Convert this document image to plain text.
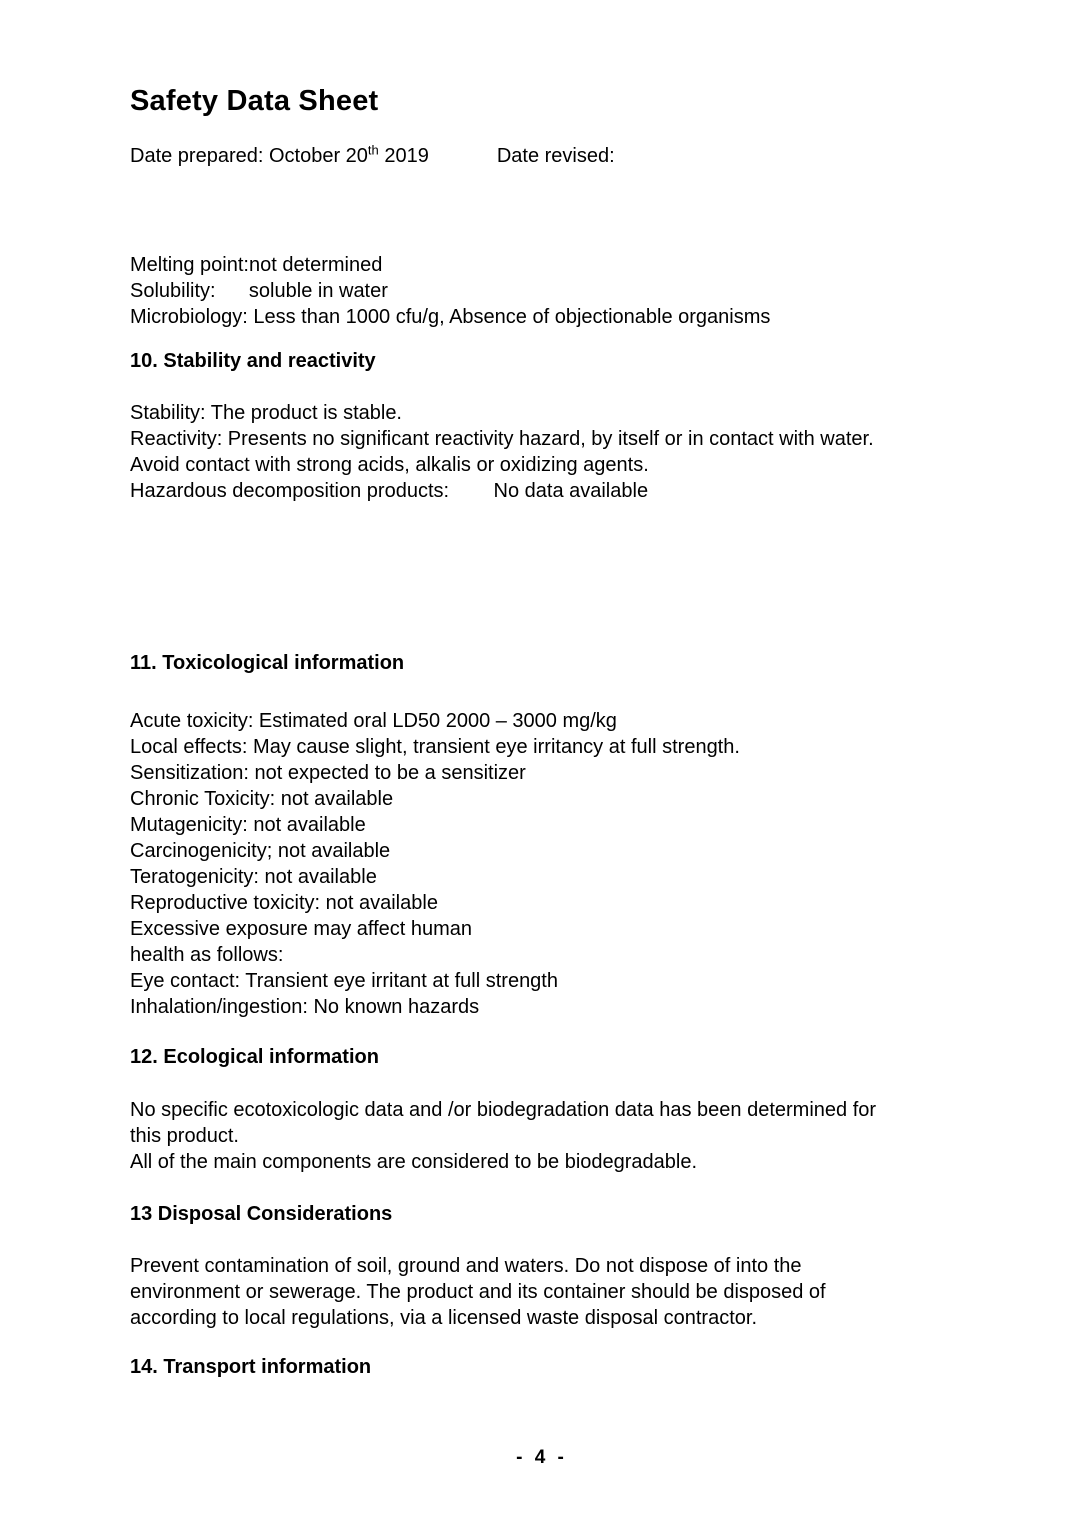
Safety Data Sheet
Date prepared: October 20th 2019	Date revised:
Melting point:not determined
Solubility:      soluble in water
Microbiology: Less than 1000 cfu/g, Absence of objectionable organisms
10. Stability and reactivity
Stability: The product is stable.
Reactivity: Presents no significant reactivity hazard, by itself or in contact with water.
Avoid contact with strong acids, alkalis or oxidizing agents.
Hazardous decomposition products:        No data available
11. Toxicological information
Acute toxicity: Estimated oral LD50 2000 – 3000 mg/kg
Local effects: May cause slight, transient eye irritancy at full strength.
Sensitization: not expected to be a sensitizer
Chronic Toxicity: not available
Mutagenicity: not available
Carcinogenicity; not available
Teratogenicity: not available
Reproductive toxicity: not available
Excessive exposure may affect human
health as follows:
Eye contact: Transient eye irritant at full strength
Inhalation/ingestion: No known hazards
12. Ecological information
No specific ecotoxicologic data and /or biodegradation data has been determined for
this product.
All of the main components are considered to be biodegradable.
13 Disposal Considerations
Prevent contamination of soil, ground and waters. Do not dispose of into the
environment or sewerage. The product and its container should be disposed of
according to local regulations, via a licensed waste disposal contractor.
14. Transport information
- 4 -
